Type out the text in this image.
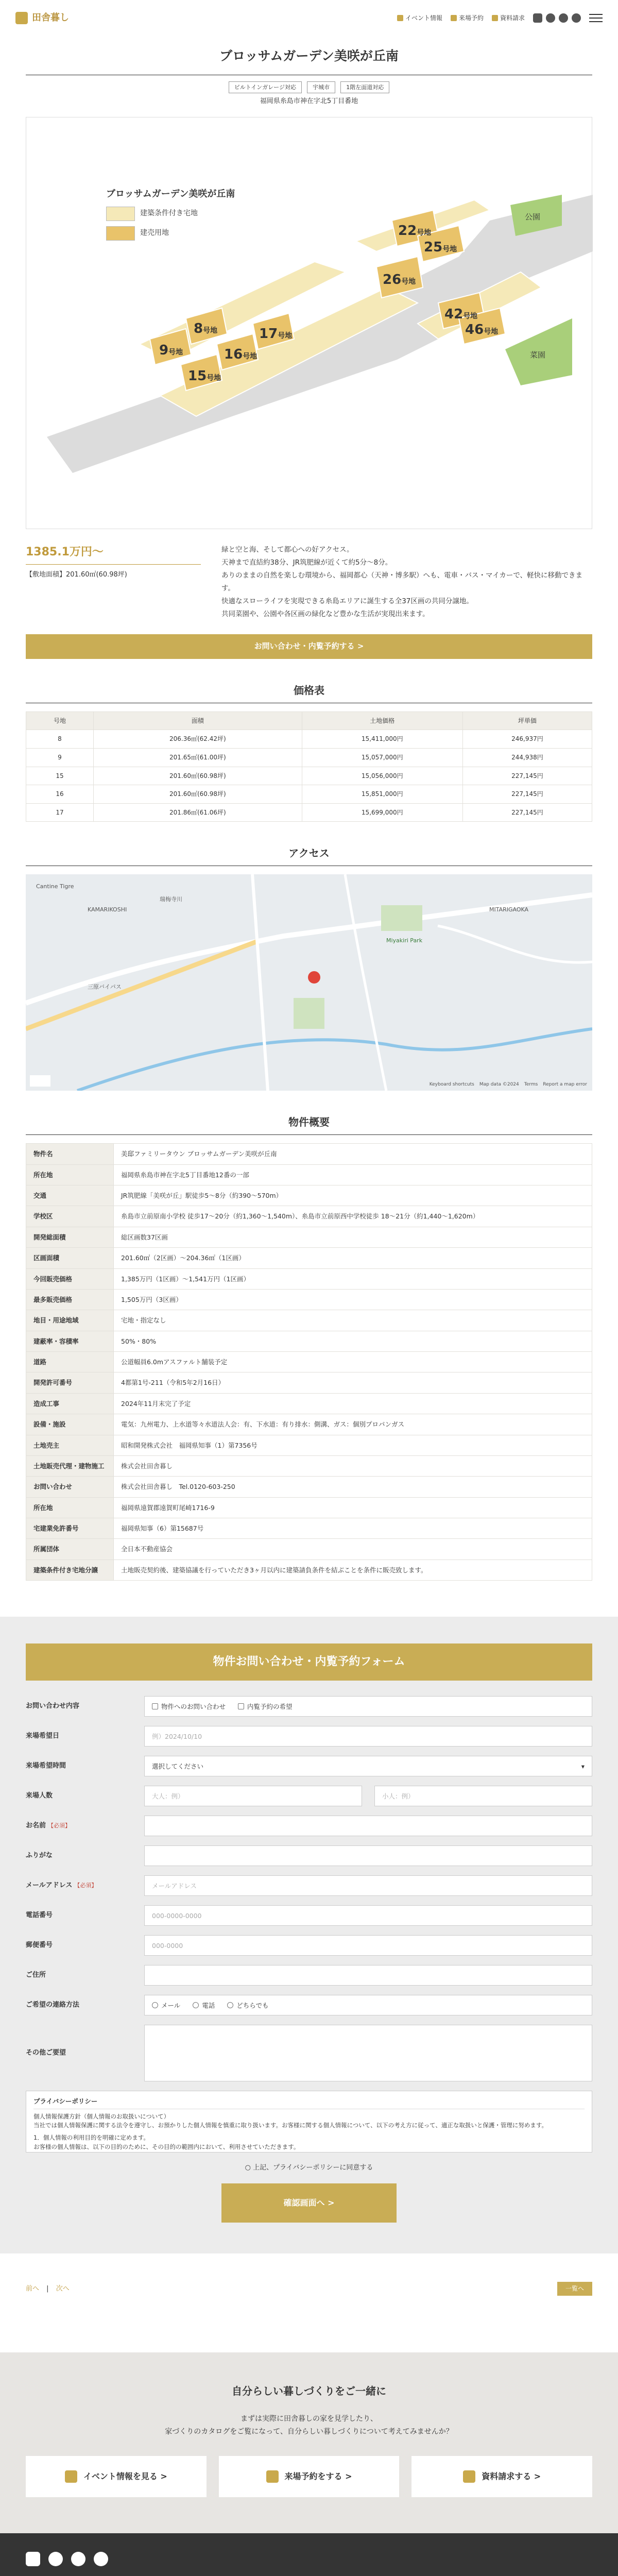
田舎暮し	イベント情報	来場予約	資料請求
ブロッサムガーデン美咲が丘南
ビルトインガレージ対応	宇城市	1階左面道対応
福岡県糸島市神在字北5丁目番地
ブロッサムガーデン美咲が丘南
建築条件付き宅地
建売用地	22号地
25号地
26号地
42号地
46号地
8号地	17号地
9号地	16号地
15号地
公園
菜園
1385.1万円〜
【敷地面積】201.60㎡(60.98坪)
緑と空と海、そして都心への好アクセス。
天神まで直結約38分、JR筑肥線が近くて約5分〜8分。
ありのままの自然を楽しむ環境から、福岡都心（天神・博多駅）へも、電車・バス・マイカーで、軽快に移動できます。
快適なスローライフを実現できる糸島エリアに誕生する全37区画の共同分譲地。
共同菜園や、公園や各区画の緑化など豊かな生活が実現出来ます。
お問い合わせ・内覧予約する >
価格表
号地	面積	土地価格	坪単価
8	206.36㎡(62.42坪)	15,411,000円	246,937円
9	201.65㎡(61.00坪)	15,057,000円	244,938円
15	201.60㎡(60.98坪)	15,056,000円	227,145円
16	201.60㎡(60.98坪)	15,851,000円	227,145円
17	201.86㎡(61.06坪)	15,699,000円	227,145円
アクセス
Cantine Tigre
KAMARIKOSHI
瑞梅寺川
Miyakiri Park
MITARIGAOKA
三原バイパス
Keyboard shortcuts Map data ©2024 Terms Report a map error
物件概要
物件名	美邸ファミリータウン ブロッサムガーデン美咲が丘南
所在地	福岡県糸島市神在字北5丁目番地12番の一部
交通	JR筑肥線「美咲が丘」駅徒歩5〜8分（約390〜570m）
学校区	糸島市立前原南小学校 徒歩17〜20分（約1,360〜1,540m）、糸島市立前原西中学校徒歩 18〜21分（約1,440〜1,620m）
開発総面積	総区画数37区画
区画面積	201.60㎡（2区画）〜204.36㎡（1区画）
今回販売価格	1,385万円（1区画）〜1,541万円（1区画）
最多販売価格	1,505万円（3区画）
地目・用途地域	宅地・指定なし
建蔽率・容積率	50%・80%
道路	公道幅員6.0mアスファルト舗装予定
開発許可番号	4都第1号-211（令和5年2月16日）
造成工事	2024年11月末完了予定
設備・施設	電気：九州電力、上水道等々水道法人会：有、下水道：有り排水：側溝、ガス：個別プロパンガス
土地売主	昭和開発株式会社　福岡県知事（1）第7356号
土地販売代理・建物施工	株式会社田舎暮し
お問い合わせ	株式会社田舎暮し　Tel.0120-603-250
所在地	福岡県遠賀郡遠賀町尾崎1716-9
宅建業免許番号	福岡県知事（6）第15687号
所属団体	全日本不動産協会
建築条件付き宅地分譲	土地販売契約後、建築協議を行っていただき3ヶ月以内に建築請負条件を結ぶことを条件に販売致します。
物件お問い合わせ・内覧予約フォーム
お問い合わせ内容	物件へのお問い合わせ	内覧予約の希望
来場希望日	例）2024/10/10
来場希望時間	選択してください	▾
来場人数	大人：例）	小人：例）
お名前 【必須】
ふりがな
メールアドレス 【必須】	メールアドレス
電話番号	000-0000-0000
郵便番号	000-0000
ご住所
ご希望の連絡方法	メール	電話	どちらでも
その他ご要望
プライバシーポリシー
個人情報保護方針（個人情報のお取扱いについて）
当社では個人情報保護に関する法令を遵守し、お預かりした個人情報を慎重に取り扱います。お客様に関する個人情報について、以下の考え方に従って、適正な取扱いと保護・管理に努めます。
1．個人情報の利用目的を明確に定めます。
お客様の個人情報は、以下の目的のために、その目的の範囲内において、利用させていただきます。
○ 上記、プライバシーポリシーに同意する
確認画面へ >
前へ | 次へ	一覧へ
自分らしい暮しづくりをご一緒に

まずは実際に田舎暮しの家を見学したり、

家づくりのカタログをご覧になって、自分らしい暮しづくりについて考えてみませんか？

イベント情報を見る >	来場予約をする >	資料請求する >
